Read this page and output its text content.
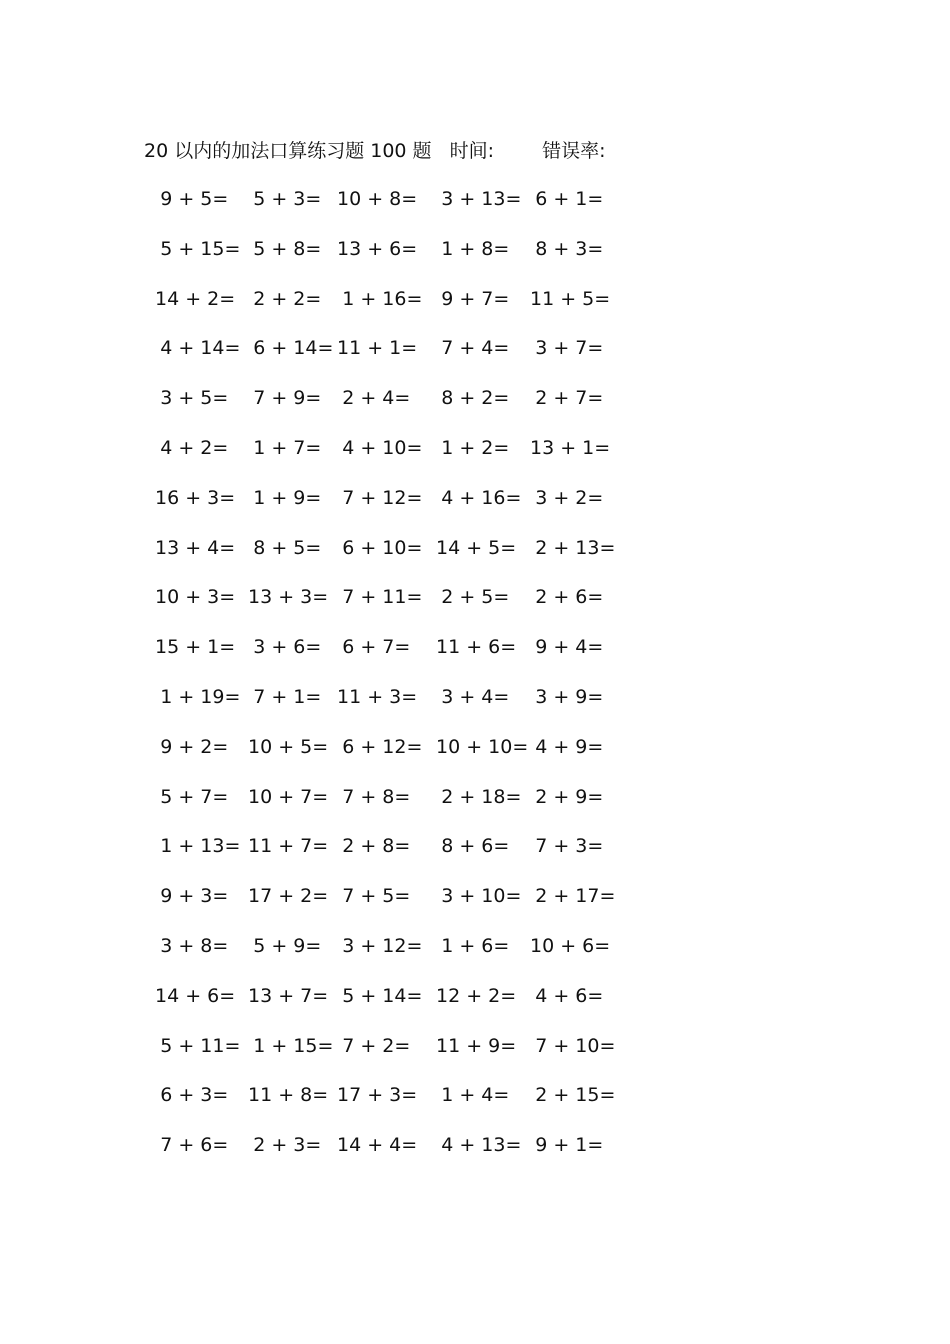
20 以内的加法口算练习题 100 题 时间:	错误率:
9 + 5= 5 + 3= 10 + 8= 3 + 13= 6 + 1=
5 + 15= 5 + 8= 13 + 6= 1 + 8= 8 + 3=
14 + 2= 2 + 2= 1 + 16= 9 + 7= 11 + 5=
4 + 14= 6 + 14= 11 + 1= 7 + 4= 3 + 7=
3 + 5= 7 + 9= 2 + 4= 8 + 2= 2 + 7=
4 + 2= 1 + 7= 4 + 10= 1 + 2= 13 + 1=
16 + 3= 1 + 9= 7 + 12= 4 + 16= 3 + 2=
13 + 4= 8 + 5= 6 + 10= 14 + 5= 2 + 13=
10 + 3= 13 + 3= 7 + 11= 2 + 5= 2 + 6=
15 + 1= 3 + 6= 6 + 7= 11 + 6= 9 + 4=
1 + 19= 7 + 1= 11 + 3= 3 + 4= 3 + 9=
9 + 2= 10 + 5= 6 + 12= 10 + 10= 4 + 9=
5 + 7= 10 + 7= 7 + 8= 2 + 18= 2 + 9=
1 + 13= 11 + 7= 2 + 8= 8 + 6= 7 + 3=
9 + 3= 17 + 2= 7 + 5= 3 + 10= 2 + 17=
3 + 8= 5 + 9= 3 + 12= 1 + 6= 10 + 6=
14 + 6= 13 + 7= 5 + 14= 12 + 2= 4 + 6=
5 + 11= 1 + 15= 7 + 2= 11 + 9= 7 + 10=
6 + 3= 11 + 8= 17 + 3= 1 + 4= 2 + 15=
7 + 6= 2 + 3= 14 + 4= 4 + 13= 9 + 1=
